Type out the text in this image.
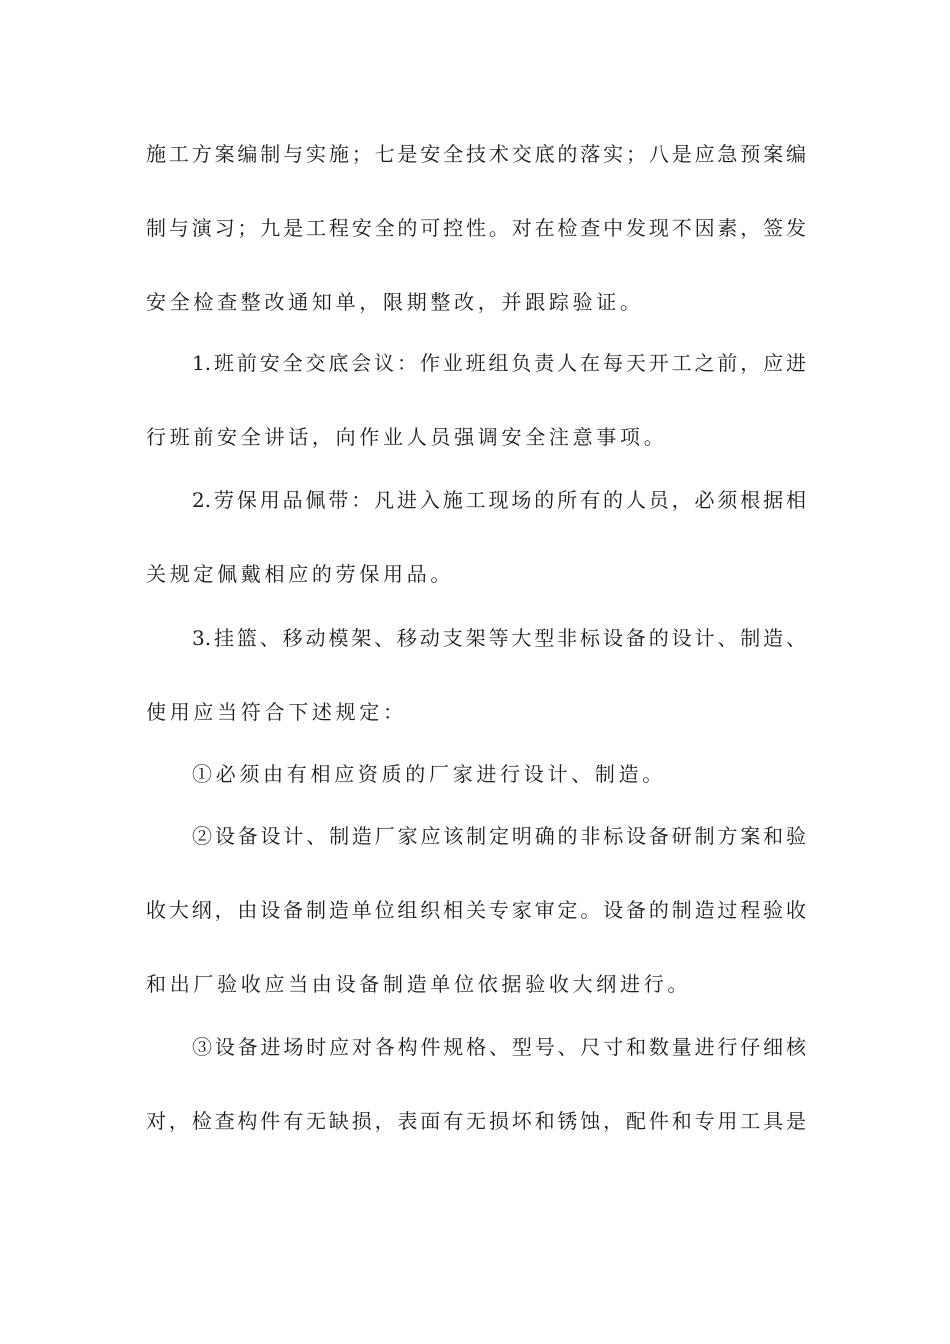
施工方案编制与实施；七是安全技术交底的落实；八是应急预案编
制与演习；九是工程安全的可控性。对在检查中发现不因素，签发
安全检查整改通知单，限期整改，并跟踪验证。
1.班前安全交底会议：作业班组负责人在每天开工之前，应进
行班前安全讲话，向作业人员强调安全注意事项。
2.劳保用品佩带：凡进入施工现场的所有的人员，必须根据相
关规定佩戴相应的劳保用品。
3.挂篮、移动模架、移动支架等大型非标设备的设计、制造、
使用应当符合下述规定：
①必须由有相应资质的厂家进行设计、制造。
②设备设计、制造厂家应该制定明确的非标设备研制方案和验
收大纲，由设备制造单位组织相关专家审定。设备的制造过程验收
和出厂验收应当由设备制造单位依据验收大纲进行。
③设备进场时应对各构件规格、型号、尺寸和数量进行仔细核
对，检查构件有无缺损，表面有无损坏和锈蚀，配件和专用工具是
